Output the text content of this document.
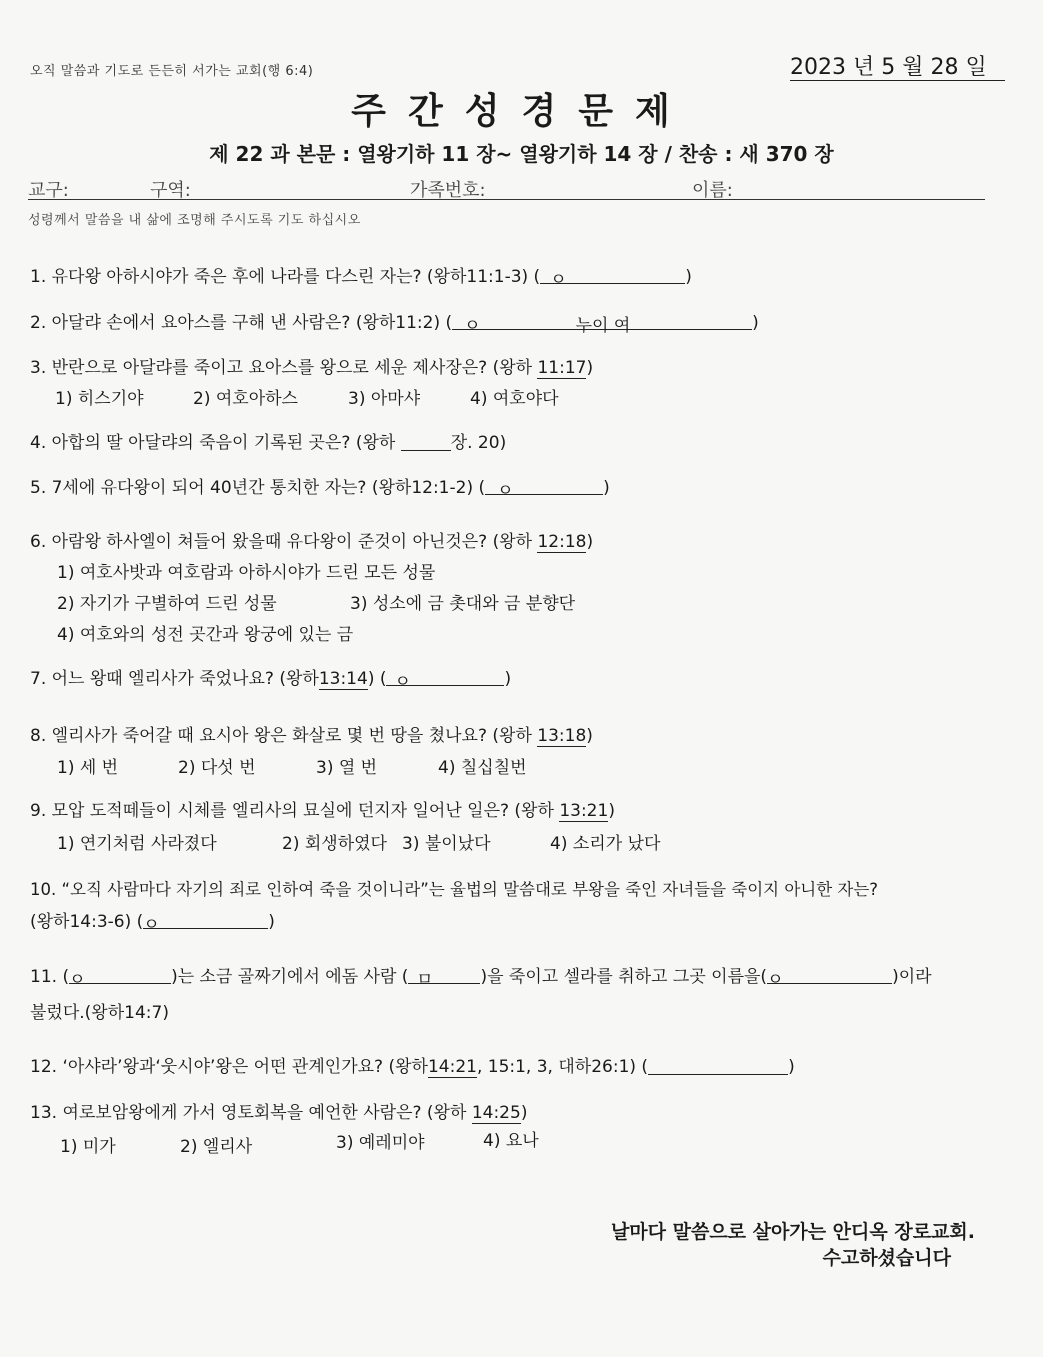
오직 말씀과 기도로 든든히 서가는 교회(행 6:4)	2023 년 5 월 28 일
주간성경문제
제 22 과 본문 : 열왕기하 11 장~ 열왕기하 14 장 / 찬송 : 새 370 장
교구:	구역:	가족번호:	이름:
성령께서 말씀을 내 삶에 조명해 주시도록 기도 하십시오
1. 유다왕 아하시야가 죽은 후에 나라를 다스린 자는? (왕하11:1-3) ( ㅇ	)
2. 아달랴 손에서 요아스를 구해 낸 사람은? (왕하11:2) ( ㅇ	누이 여	)
3. 반란으로 아달랴를 죽이고 요아스를 왕으로 세운 제사장은? (왕하 11:17)
1) 히스기야	2) 여호아하스	3) 아마샤	4) 여호야다
4. 아합의 딸 아달랴의 죽음이 기록된 곳은? (왕하	장. 20)
5. 7세에 유다왕이 되어 40년간 통치한 자는? (왕하12:1-2) ( ㅇ	)
6. 아람왕 하사엘이 쳐들어 왔을때 유다왕이 준것이 아닌것은? (왕하 12:18)
1) 여호사밧과 여호람과 아하시야가 드린 모든 성물
2) 자기가 구별하여 드린 성물	3) 성소에 금 촛대와 금 분향단
4) 여호와의 성전 곳간과 왕궁에 있는 금
7. 어느 왕때 엘리사가 죽었나요? (왕하13:14) ( ㅇ	)
8. 엘리사가 죽어갈 때 요시아 왕은 화살로 몇 번 땅을 쳤나요? (왕하 13:18)
1) 세 번	2) 다섯 번	3) 열 번	4) 칠십칠번
9. 모압 도적떼들이 시체를 엘리사의 묘실에 던지자 일어난 일은? (왕하 13:21)
1) 연기처럼 사라졌다	2) 회생하였다 3) 불이났다	4) 소리가 났다
10. “오직 사람마다 자기의 죄로 인하여 죽을 것이니라”는 율법의 말씀대로 부왕을 죽인 자녀들을 죽이지 아니한 자는?
(왕하14:3-6) (ㅇ	)
11. (ㅇ	)는 소금 골짜기에서 에돔 사람 ( ㅁ	)을 죽이고 셀라를 취하고 그곳 이름을(ㅇ	)이라
불렀다.(왕하14:7)
12. ‘아샤라’왕과‘웃시야’왕은 어떤 관계인가요? (왕하14:21, 15:1, 3, 대하26:1) (	)
13. 여로보암왕에게 가서 영토회복을 예언한 사람은? (왕하 14:25)
1) 미가	2) 엘리사	3) 예레미야	4) 요나
날마다 말씀으로 살아가는 안디옥 장로교회.
수고하셨습니다
